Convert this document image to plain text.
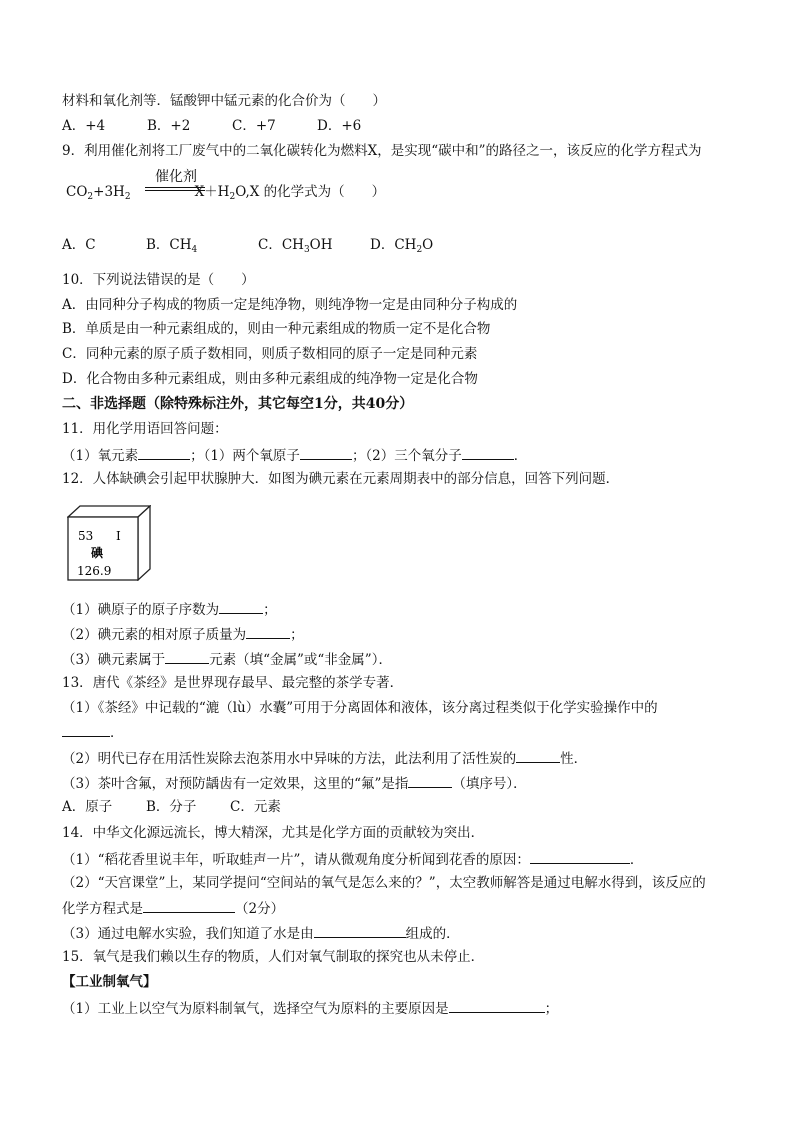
材料和氧化剂等．锰酸钾中锰元素的化合价为（　　）
A．+4	B．+2	C．+7	D．+6
9．利用催化剂将工厂废气中的二氧化碳转化为燃料X，是实现“碳中和”的路径之一，该反应的化学方程式为
催化剂
$CO_2+3H_2$	$X+H_2O,X$ 的化学式为（　　）
A．C	B．$CH_4$	C．$CH_3OH$	D．$CH_2O$
10．下列说法错误的是（　　）
A．由同种分子构成的物质一定是纯净物，则纯净物一定是由同种分子构成的
B．单质是由一种元素组成的，则由一种元素组成的物质一定不是化合物
C．同种元素的原子质子数相同，则质子数相同的原子一定是同种元素
D．化合物由多种元素组成，则由多种元素组成的纯净物一定是化合物
二、非选择题（除特殊标注外，其它每空1分，共40分）
11．用化学用语回答问题：
（1）氧元素	；（1）两个氧原子	；（2）三个氧分子	．
12．人体缺碘会引起甲状腺肿大．如图为碘元素在元素周期表中的部分信息，回答下列问题．
53 I
碘
126.9
（1）碘原子的原子序数为	；
（2）碘元素的相对原子质量为	；
（3）碘元素属于	元素（填“金属”或“非金属”）．
13．唐代《茶经》是世界现存最早、最完整的茶学专著．
（1）《茶经》中记载的“漉（lù）水囊”可用于分离固体和液体，该分离过程类似于化学实验操作中的
．
（2）明代已存在用活性炭除去泡茶用水中异味的方法，此法利用了活性炭的	性．
（3）茶叶含氟，对预防龋齿有一定效果，这里的“氟”是指	（填序号）．
A．原子	B．分子 C．元素
14．中华文化源远流长，博大精深，尤其是化学方面的贡献较为突出．
（1）“稻花香里说丰年，听取蛙声一片”，请从微观角度分析闻到花香的原因：	．
（2）“天宫课堂”上，某同学提问“空间站的氧气是怎么来的？”，太空教师解答是通过电解水得到，该反应的
化学方程式是	（2分）
（3）通过电解水实验，我们知道了水是由	组成的．
15．氧气是我们赖以生存的物质，人们对氧气制取的探究也从未停止．
【工业制氧气】
（1）工业上以空气为原料制氧气，选择空气为原料的主要原因是	；
